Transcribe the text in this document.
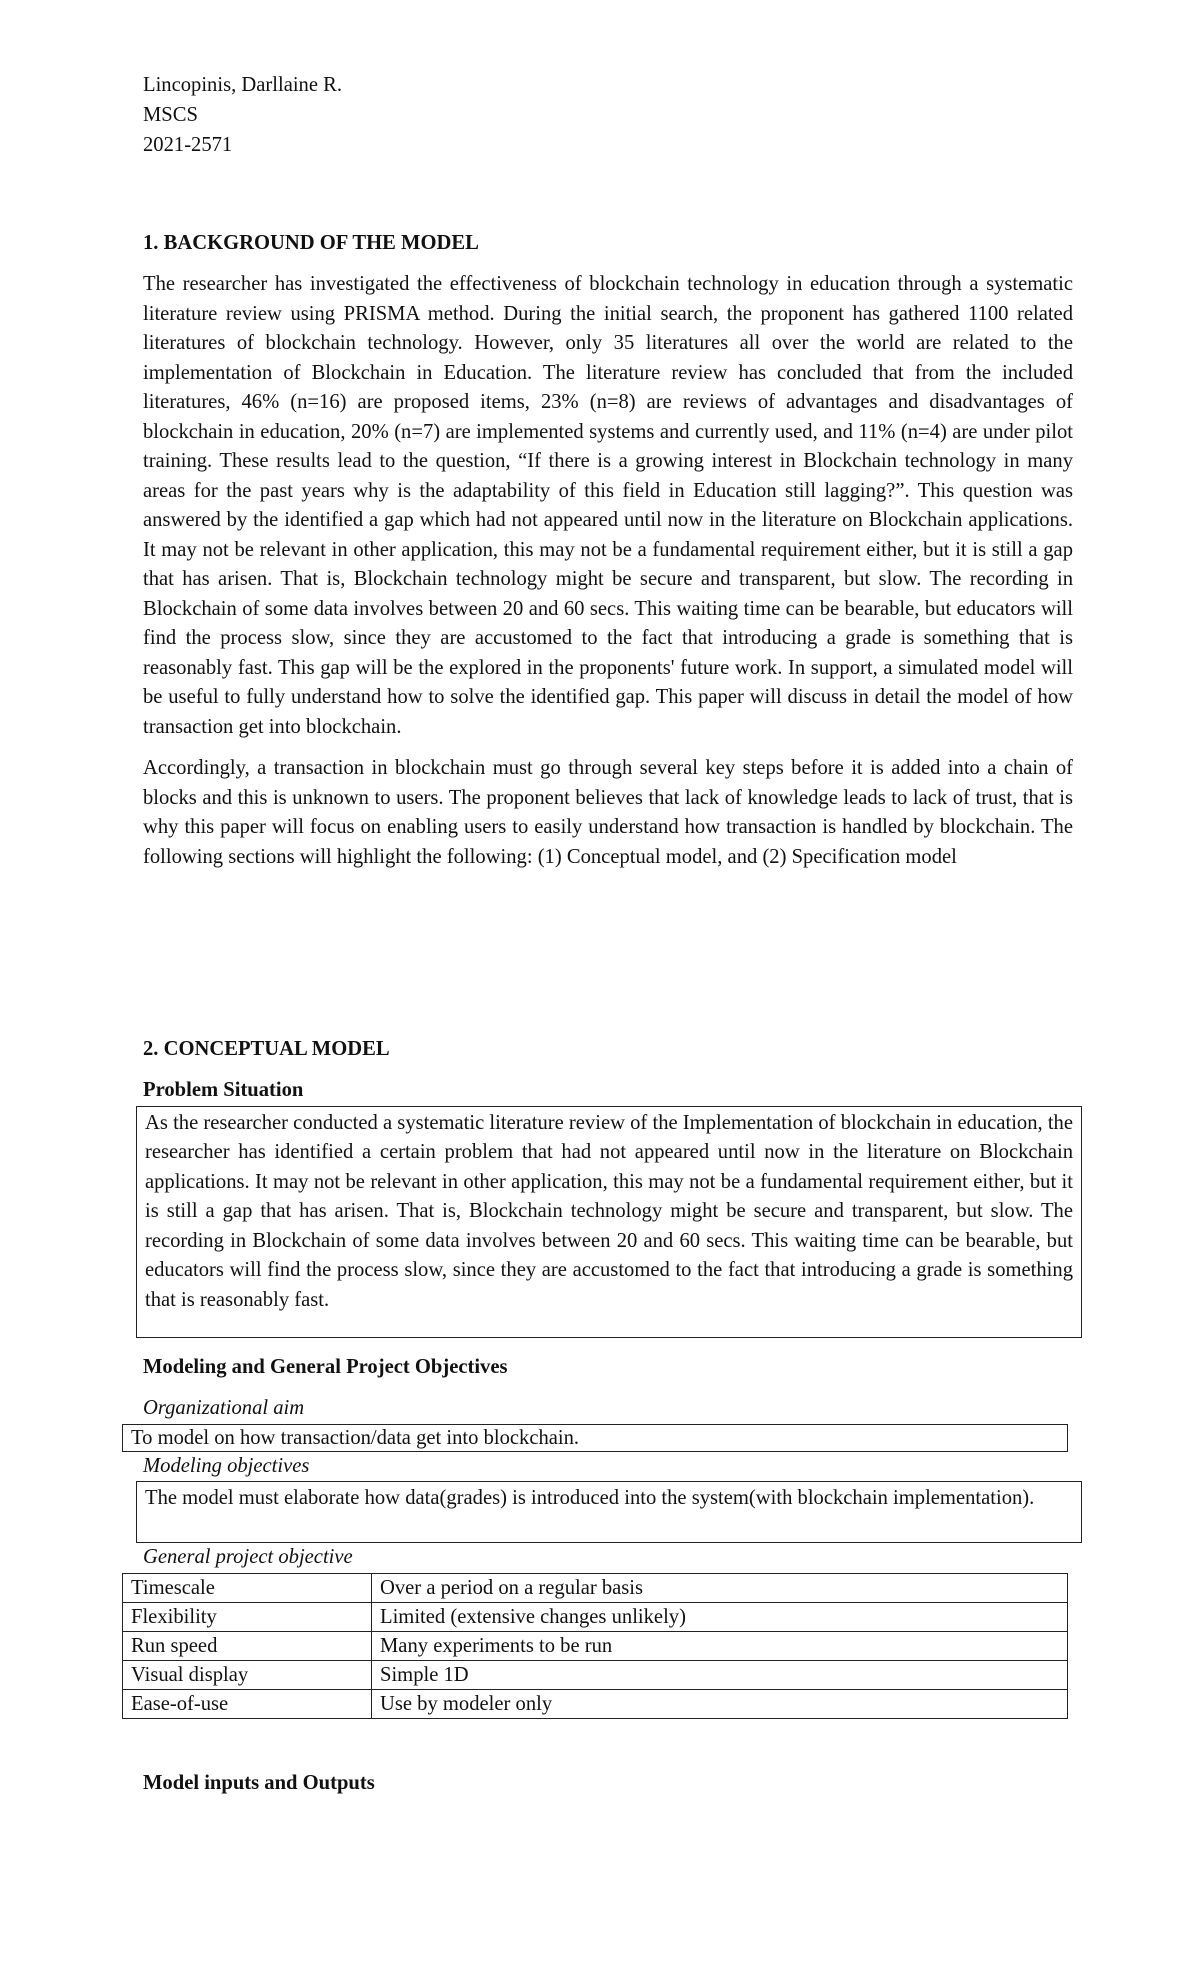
Lincopinis, Darllaine R.
MSCS
2021-2571
1. BACKGROUND OF THE MODEL

The researcher has investigated the effectiveness of blockchain technology in education through a systematic literature review using PRISMA method. During the initial search, the proponent has gathered 1100 related literatures of blockchain technology. However, only 35 literatures all over the world are related to the implementation of Blockchain in Education. The literature review has concluded that from the included literatures, 46% (n=16) are proposed items, 23% (n=8) are reviews of advantages and disadvantages of blockchain in education, 20% (n=7) are implemented systems and currently used, and 11% (n=4) are under pilot training. These results lead to the question, “If there is a growing interest in Blockchain technology in many areas for the past years why is the adaptability of this field in Education still lagging?”. This question was answered by the identified a gap which had not appeared until now in the literature on Blockchain applications. It may not be relevant in other application, this may not be a fundamental requirement either, but it is still a gap that has arisen. That is, Blockchain technology might be secure and transparent, but slow. The recording in Blockchain of some data involves between 20 and 60 secs. This waiting time can be bearable, but educators will find the process slow, since they are accustomed to the fact that introducing a grade is something that is reasonably fast. This gap will be the explored in the proponents' future work. In support, a simulated model will be useful to fully understand how to solve the identified gap. This paper will discuss in detail the model of how transaction get into blockchain.

Accordingly, a transaction in blockchain must go through several key steps before it is added into a chain of blocks and this is unknown to users. The proponent believes that lack of knowledge leads to lack of trust, that is why this paper will focus on enabling users to easily understand how transaction is handled by blockchain. The following sections will highlight the following: (1) Conceptual model, and (2) Specification model

2. CONCEPTUAL MODEL
Problem Situation
As the researcher conducted a systematic literature review of the Implementation of blockchain in education, the researcher has identified a certain problem that had not appeared until now in the literature on Blockchain applications. It may not be relevant in other application, this may not be a fundamental requirement either, but it is still a gap that has arisen. That is, Blockchain technology might be secure and transparent, but slow. The recording in Blockchain of some data involves between 20 and 60 secs. This waiting time can be bearable, but educators will find the process slow, since they are accustomed to the fact that introducing a grade is something that is reasonably fast.
Modeling and General Project Objectives
Organizational aim
To model on how transaction/data get into blockchain.
Modeling objectives
The model must elaborate how data(grades) is introduced into the system(with blockchain implementation).
General project objective
Timescale	Over a period on a regular basis
Flexibility	Limited (extensive changes unlikely)
Run speed	Many experiments to be run
Visual display	Simple 1D
Ease-of-use	Use by modeler only
Model inputs and Outputs
